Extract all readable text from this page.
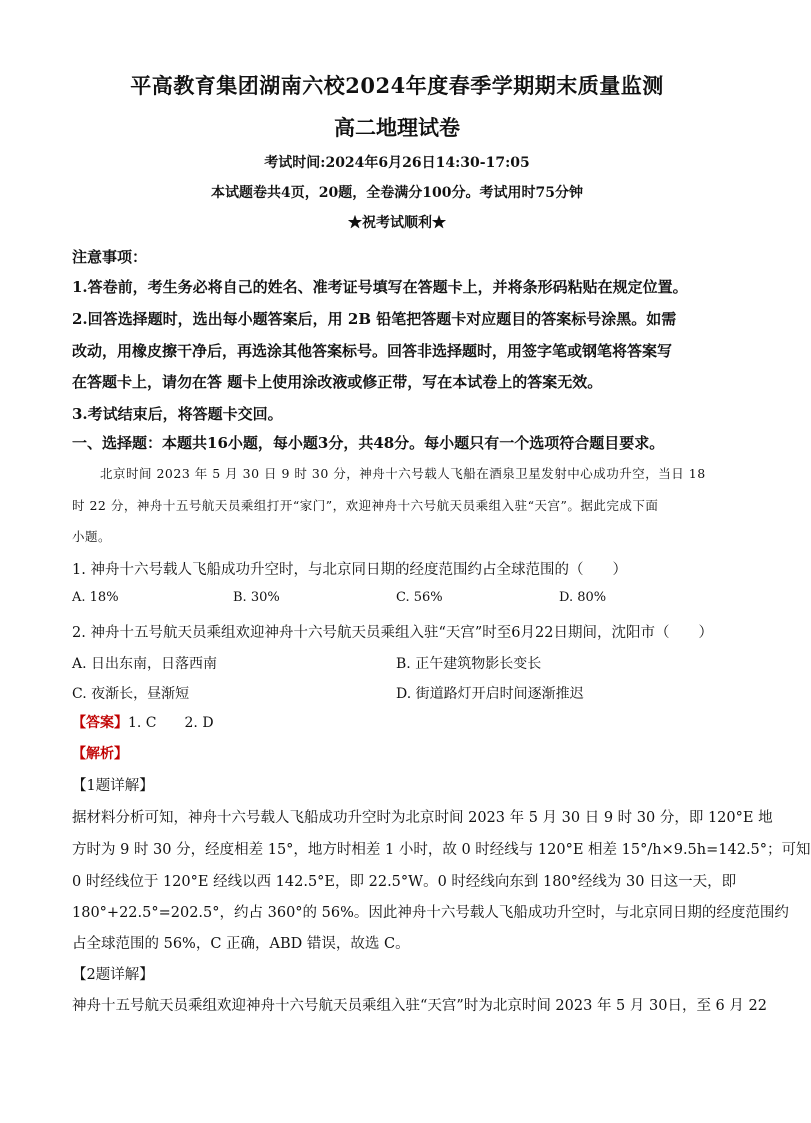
平高教育集团湖南六校2024年度春季学期期末质量监测
高二地理试卷
考试时间:2024年6月26日14:30-17:05
本试题卷共4页，20题，全卷满分100分。考试用时75分钟
★祝考试顺利★
注意事项：
1.答卷前，考生务必将自己的姓名、准考证号填写在答题卡上，并将条形码粘贴在规定位置。
2.回答选择题时，选出每小题答案后，用 2B 铅笔把答题卡对应题目的答案标号涂黑。如需
改动，用橡皮擦干净后，再选涂其他答案标号。回答非选择题时，用签字笔或钢笔将答案写
在答题卡上，请勿在答 题卡上使用涂改液或修正带，写在本试卷上的答案无效。
3.考试结束后，将答题卡交回。
一、选择题：本题共16小题，每小题3分，共48分。每小题只有一个选项符合题目要求。
北京时间 2023 年 5 月 30 日 9 时 30 分，神舟十六号载人飞船在酒泉卫星发射中心成功升空，当日 18
时 22 分，神舟十五号航天员乘组打开“家门”，欢迎神舟十六号航天员乘组入驻“天宫”。据此完成下面
小题。
1. 神舟十六号载人飞船成功升空时，与北京同日期的经度范围约占全球范围的（　　）
A. 18%	B. 30%	C. 56%	D. 80%
2. 神舟十五号航天员乘组欢迎神舟十六号航天员乘组入驻“天宫”时至6月22日期间，沈阳市（　　）
A. 日出东南，日落西南	B. 正午建筑物影长变长
C. 夜渐长，昼渐短	D. 街道路灯开启时间逐渐推迟
【答案】1. C　　2. D
【解析】
【1题详解】
据材料分析可知，神舟十六号载人飞船成功升空时为北京时间 2023 年 5 月 30 日 9 时 30 分，即 120°E 地
方时为 9 时 30 分，经度相差 15°，地方时相差 1 小时，故 0 时经线与 120°E 相差 15°/h×9.5h=142.5°；可知
0 时经线位于 120°E 经线以西 142.5°E，即 22.5°W。0 时经线向东到 180°经线为 30 日这一天，即
180°+22.5°=202.5°，约占 360°的 56%。因此神舟十六号载人飞船成功升空时，与北京同日期的经度范围约
占全球范围的 56%，C 正确，ABD 错误，故选 C。
【2题详解】
神舟十五号航天员乘组欢迎神舟十六号航天员乘组入驻“天宫”时为北京时间 2023 年 5 月 30日，至 6 月 22
